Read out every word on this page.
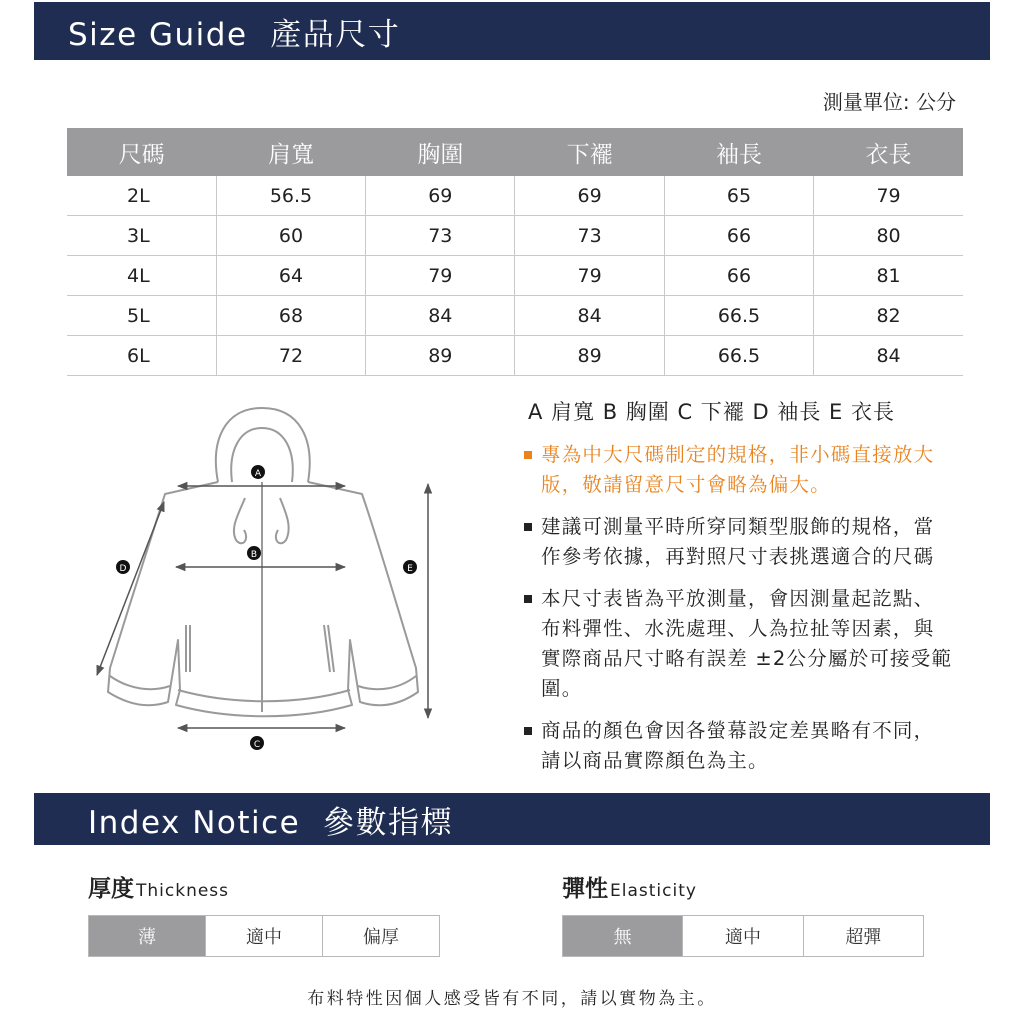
Size Guide  產品尺寸
測量單位: 公分
尺碼	肩寬	胸圍	下襬	袖長	衣長
2L	56.5	69	69	65	79
3L	60	73	73	66	80
4L	64	79	79	66	81
5L	68	84	84	66.5	82
6L	72	89	89	66.5	84
A
B
C
D	E
A 肩寬 B 胸圍 C 下襬 D 袖長 E 衣長
專為中大尺碼制定的規格，非小碼直接放大版，敬請留意尺寸會略為偏大。
建議可測量平時所穿同類型服飾的規格，當作參考依據，再對照尺寸表挑選適合的尺碼
本尺寸表皆為平放測量，會因測量起訖點、布料彈性、水洗處理、人為拉扯等因素，與實際商品尺寸略有誤差 ±2公分屬於可接受範圍。
商品的顏色會因各螢幕設定差異略有不同，請以商品實際顏色為主。
Index Notice  參數指標
厚度 Thickness
薄	適中	偏厚
彈性 Elasticity
無	適中	超彈
布料特性因個人感受皆有不同，請以實物為主。
